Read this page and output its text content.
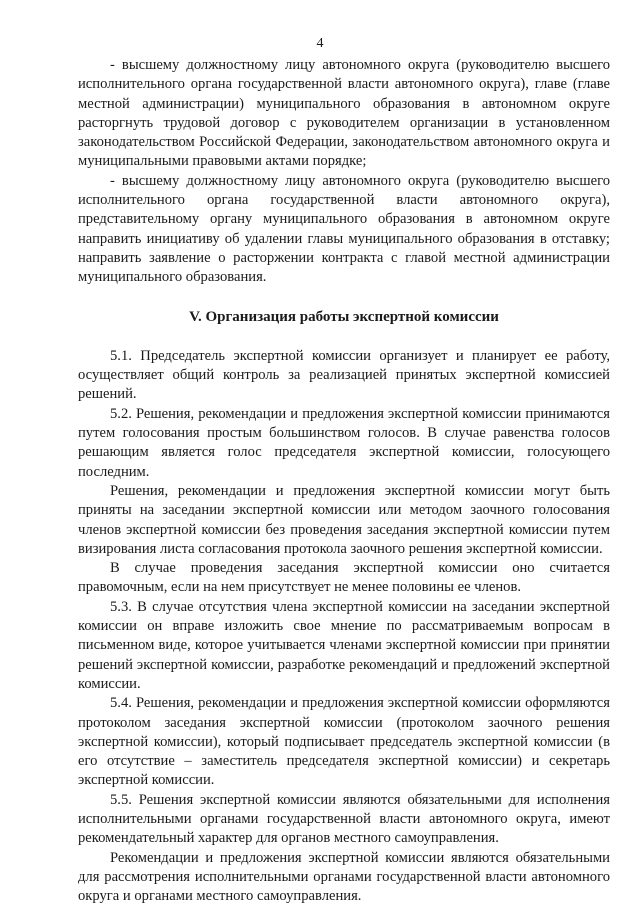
4

- высшему должностному лицу автономного округа (руководителю высшего исполнительного органа государственной власти автономного округа), главе (главе местной администрации) муниципального образования в автономном округе расторгнуть трудовой договор с руководителем организации в установленном законодательством Российской Федерации, законодательством автономного округа и муниципальными правовыми актами порядке;

- высшему должностному лицу автономного округа (руководителю высшего исполнительного органа государственной власти автономного округа), представительному органу муниципального образования в автономном округе направить инициативу об удалении главы муниципального образования в отставку; направить заявление о расторжении контракта с главой местной администрации муниципального образования.

V. Организация работы экспертной комиссии

5.1. Председатель экспертной комиссии организует и планирует ее работу, осуществляет общий контроль за реализацией принятых экспертной комиссией решений.

5.2. Решения, рекомендации и предложения экспертной комиссии принимаются путем голосования простым большинством голосов. В случае равенства голосов решающим является голос председателя экспертной комиссии, голосующего последним.

Решения, рекомендации и предложения экспертной комиссии могут быть приняты на заседании экспертной комиссии или методом заочного голосования членов экспертной комиссии без проведения заседания экспертной комиссии путем визирования листа согласования протокола заочного решения экспертной комиссии.

В случае проведения заседания экспертной комиссии оно считается правомочным, если на нем присутствует не менее половины ее членов.

5.3. В случае отсутствия члена экспертной комиссии на заседании экспертной комиссии он вправе изложить свое мнение по рассматриваемым вопросам в письменном виде, которое учитывается членами экспертной комиссии при принятии решений экспертной комиссии, разработке рекомендаций и предложений экспертной комиссии.

5.4. Решения, рекомендации и предложения экспертной комиссии оформляются протоколом заседания экспертной комиссии (протоколом заочного решения экспертной комиссии), который подписывает председатель экспертной комиссии (в его отсутствие – заместитель председателя экспертной комиссии) и секретарь экспертной комиссии.

5.5. Решения экспертной комиссии являются обязательными для исполнения исполнительными органами государственной власти автономного округа, имеют рекомендательный характер для органов местного самоуправления.

Рекомендации и предложения экспертной комиссии являются обязательными для рассмотрения исполнительными органами государственной власти автономного округа и органами местного самоуправления.
